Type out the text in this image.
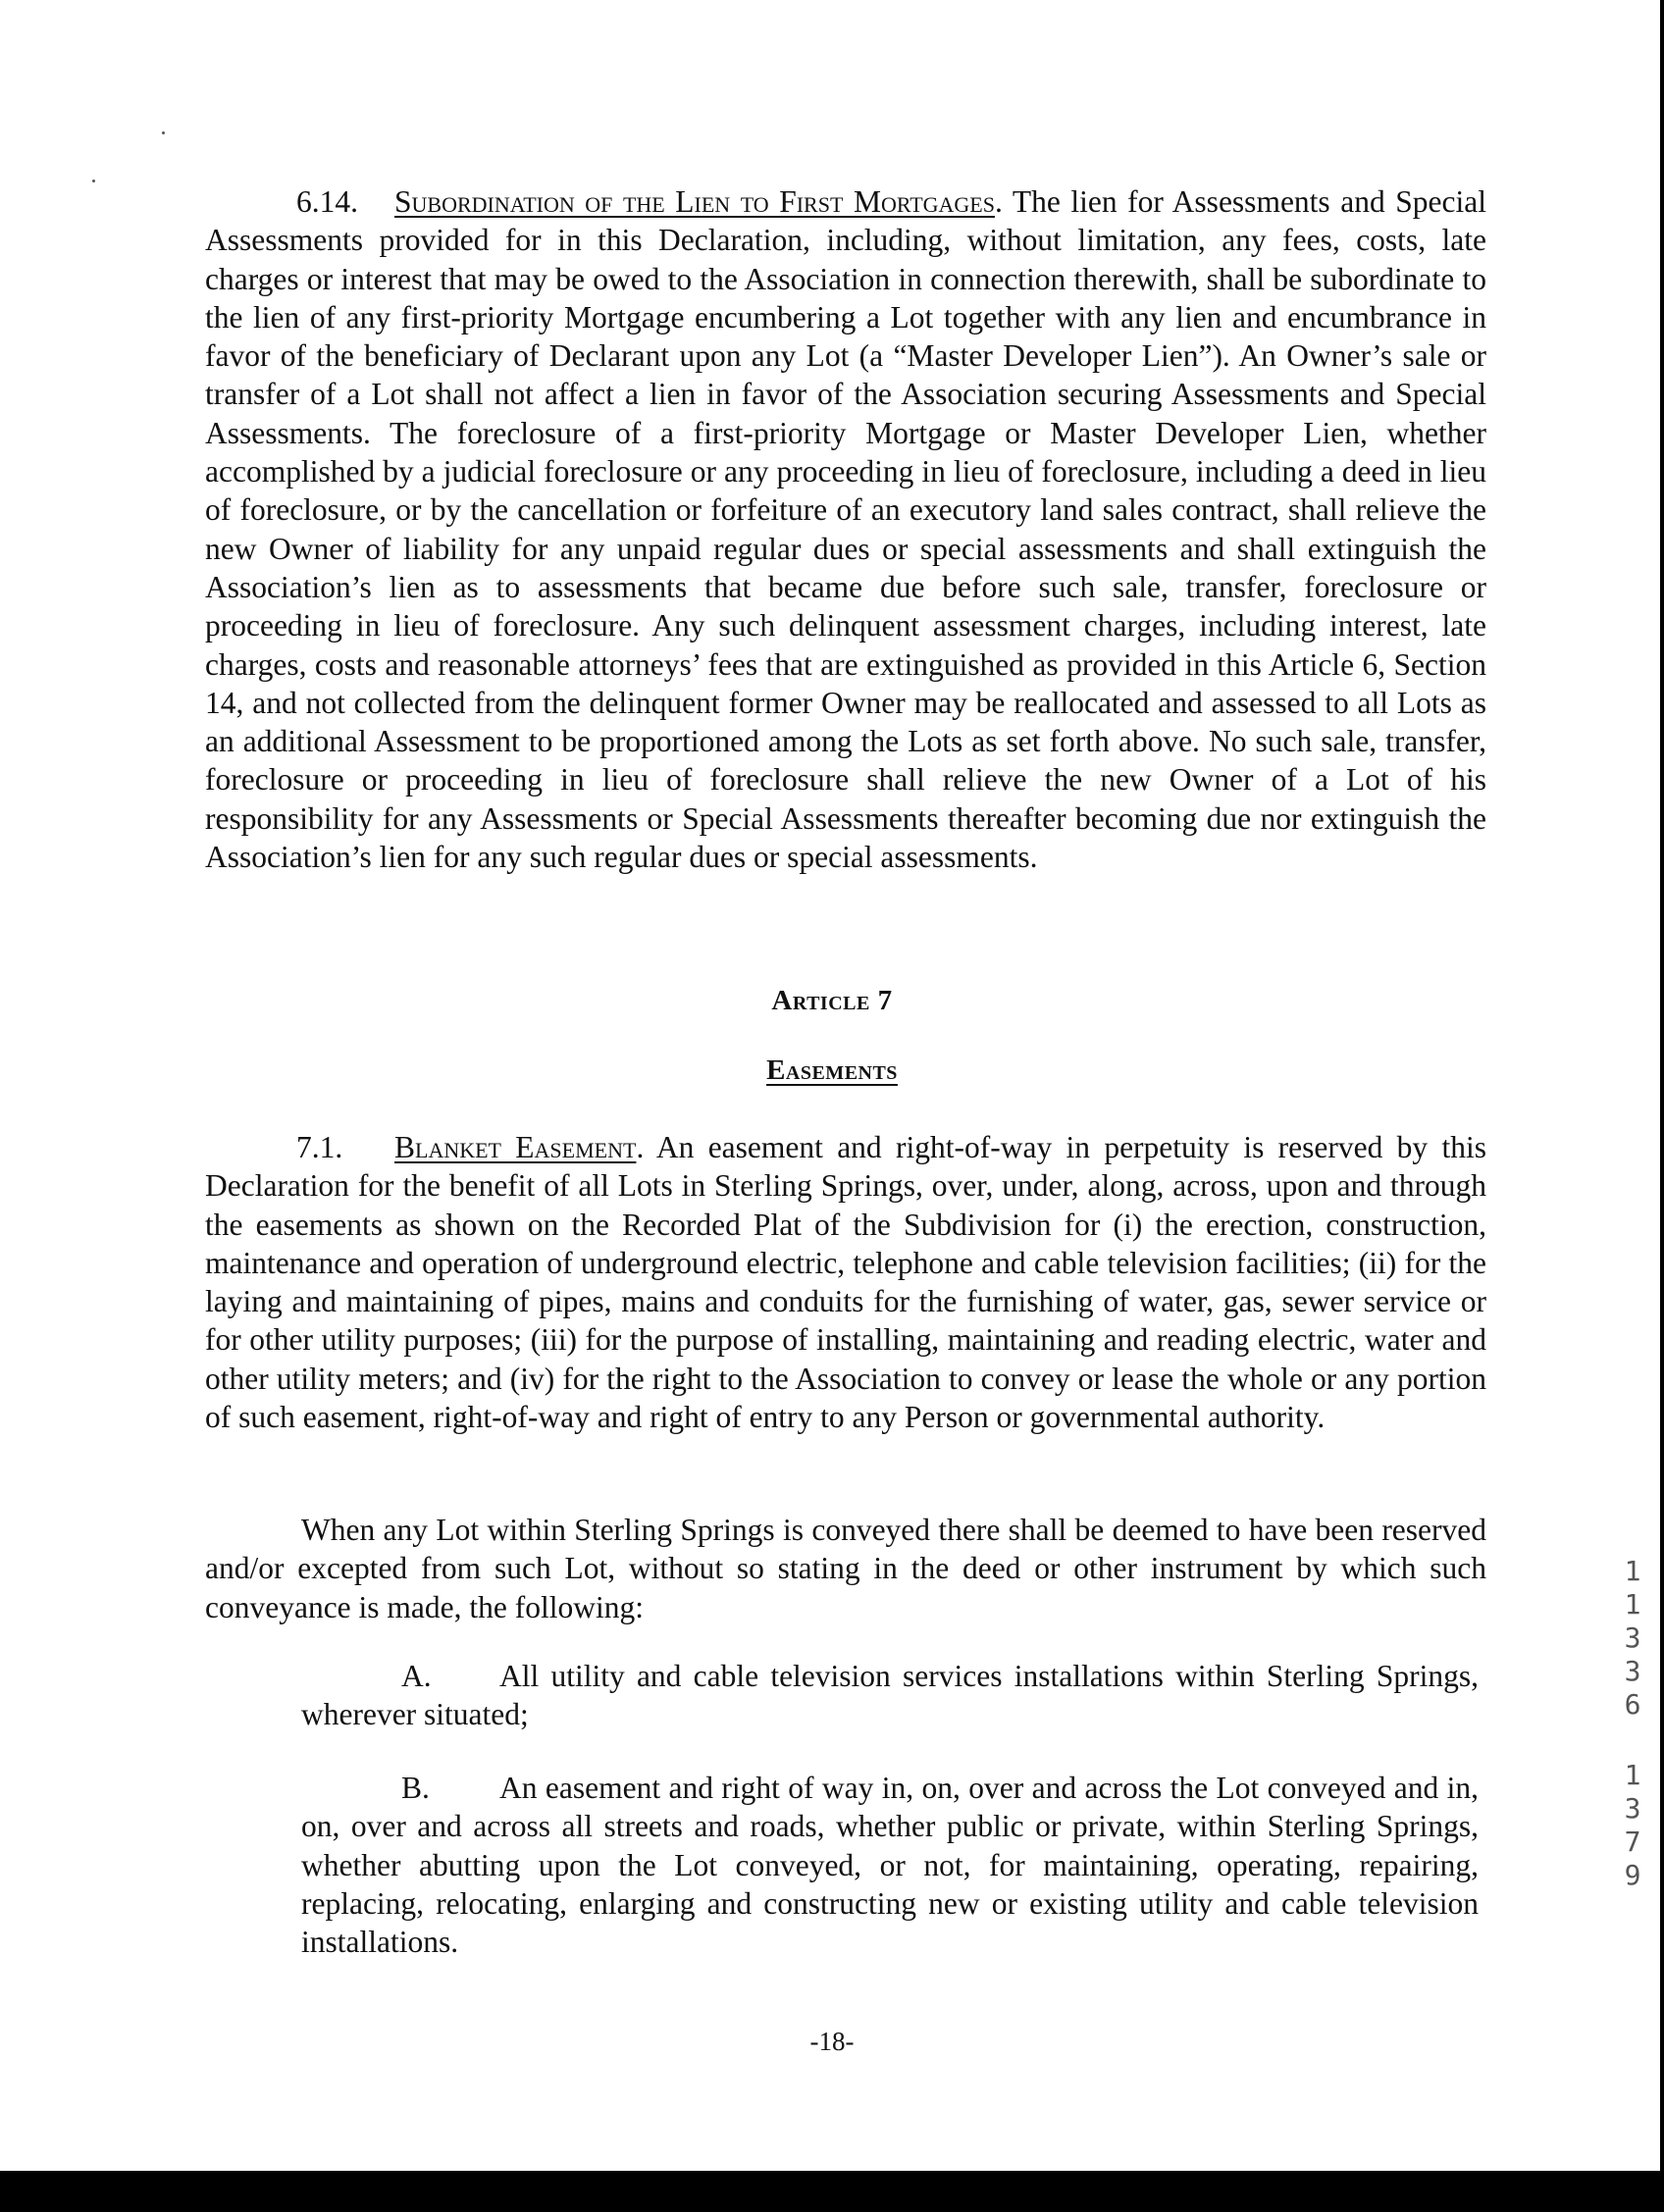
6.14. Subordination of the Lien to First Mortgages. The lien for Assessments and Special Assessments provided for in this Declaration, including, without limitation, any fees, costs, late charges or interest that may be owed to the Association in connection therewith, shall be subordinate to the lien of any first-priority Mortgage encumbering a Lot together with any lien and encumbrance in favor of the beneficiary of Declarant upon any Lot (a “Master Developer Lien”). An Owner’s sale or transfer of a Lot shall not affect a lien in favor of the Association securing Assessments and Special Assessments. The foreclosure of a first-priority Mortgage or Master Developer Lien, whether accomplished by a judicial foreclosure or any proceeding in lieu of foreclosure, including a deed in lieu of foreclosure, or by the cancellation or forfeiture of an executory land sales contract, shall relieve the new Owner of liability for any unpaid regular dues or special assessments and shall extinguish the Association’s lien as to assessments that became due before such sale, transfer, foreclosure or proceeding in lieu of foreclosure. Any such delinquent assessment charges, including interest, late charges, costs and reasonable attorneys’ fees that are extinguished as provided in this Article 6, Section 14, and not collected from the delinquent former Owner may be reallocated and assessed to all Lots as an additional Assessment to be proportioned among the Lots as set forth above. No such sale, transfer, foreclosure or proceeding in lieu of foreclosure shall relieve the new Owner of a Lot of his responsibility for any Assessments or Special Assessments thereafter becoming due nor extinguish the Association’s lien for any such regular dues or special assessments.

Article 7
Easements

7.1. Blanket Easement. An easement and right-of-way in perpetuity is reserved by this Declaration for the benefit of all Lots in Sterling Springs, over, under, along, across, upon and through the easements as shown on the Recorded Plat of the Subdivision for (i) the erection, construction, maintenance and operation of underground electric, telephone and cable television facilities; (ii) for the laying and maintaining of pipes, mains and conduits for the furnishing of water, gas, sewer service or for other utility purposes; (iii) for the purpose of installing, maintaining and reading electric, water and other utility meters; and (iv) for the right to the Association to convey or lease the whole or any portion of such easement, right-of-way and right of entry to any Person or governmental authority.

When any Lot within Sterling Springs is conveyed there shall be deemed to have been reserved and/or excepted from such Lot, without so stating in the deed or other instrument by which such conveyance is made, the following:

A. All utility and cable television services installations within Sterling Springs, wherever situated;

B. An easement and right of way in, on, over and across the Lot conveyed and in, on, over and across all streets and roads, whether public or private, within Sterling Springs, whether abutting upon the Lot conveyed, or not, for maintaining, operating, repairing, replacing, relocating, enlarging and constructing new or existing utility and cable television installations.

-18-
11336
1379
